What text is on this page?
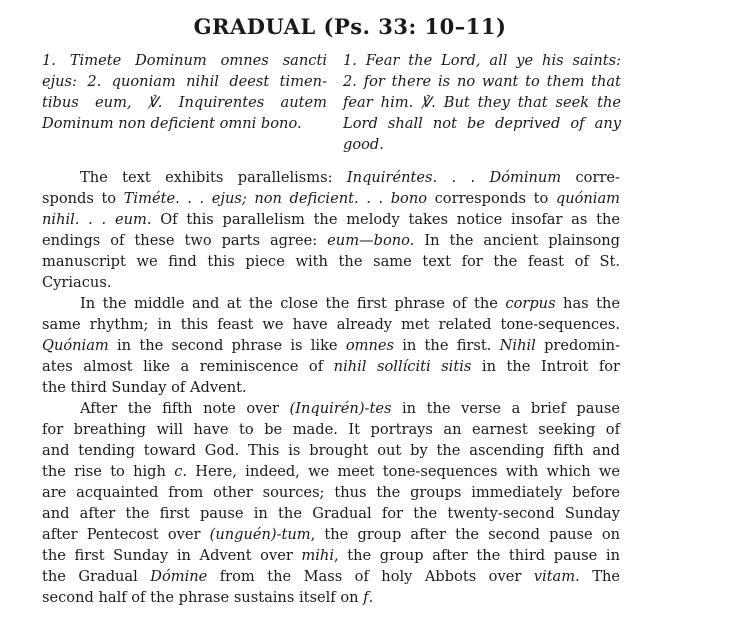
GRADUAL (Ps. 33: 10–11)
1. Timete Dominum omnes sancti
ejus: 2. quoniam nihil deest timen-
tibus eum, ℣. Inquirentes autem
Dominum non deficient omni bono.
1. Fear the Lord, all ye his saints:
2. for there is no want to them that
fear him. ℣. But they that seek the
Lord shall not be deprived of any
good.
The text exhibits parallelisms: Inquiréntes. . . Dóminum corre-
sponds to Timéte. . . ejus; non deficient. . . bono corresponds to quóniam
nihil. . . eum. Of this parallelism the melody takes notice insofar as the
endings of these two parts agree: eum—bono. In the ancient plainsong
manuscript we find this piece with the same text for the feast of St.
Cyriacus.
In the middle and at the close the first phrase of the corpus has the
same rhythm; in this feast we have already met related tone-sequences.
Quóniam in the second phrase is like omnes in the first. Nihil predomin-
ates almost like a reminiscence of nihil sollíciti sitis in the Introit for
the third Sunday of Advent.
After the fifth note over (Inquirén)-tes in the verse a brief pause
for breathing will have to be made. It portrays an earnest seeking of
and tending toward God. This is brought out by the ascending fifth and
the rise to high c. Here, indeed, we meet tone-sequences with which we
are acquainted from other sources; thus the groups immediately before
and after the first pause in the Gradual for the twenty-second Sunday
after Pentecost over (unguén)-tum, the group after the second pause on
the first Sunday in Advent over mihi, the group after the third pause in
the Gradual Dómine from the Mass of holy Abbots over vitam. The
second half of the phrase sustains itself on f.
